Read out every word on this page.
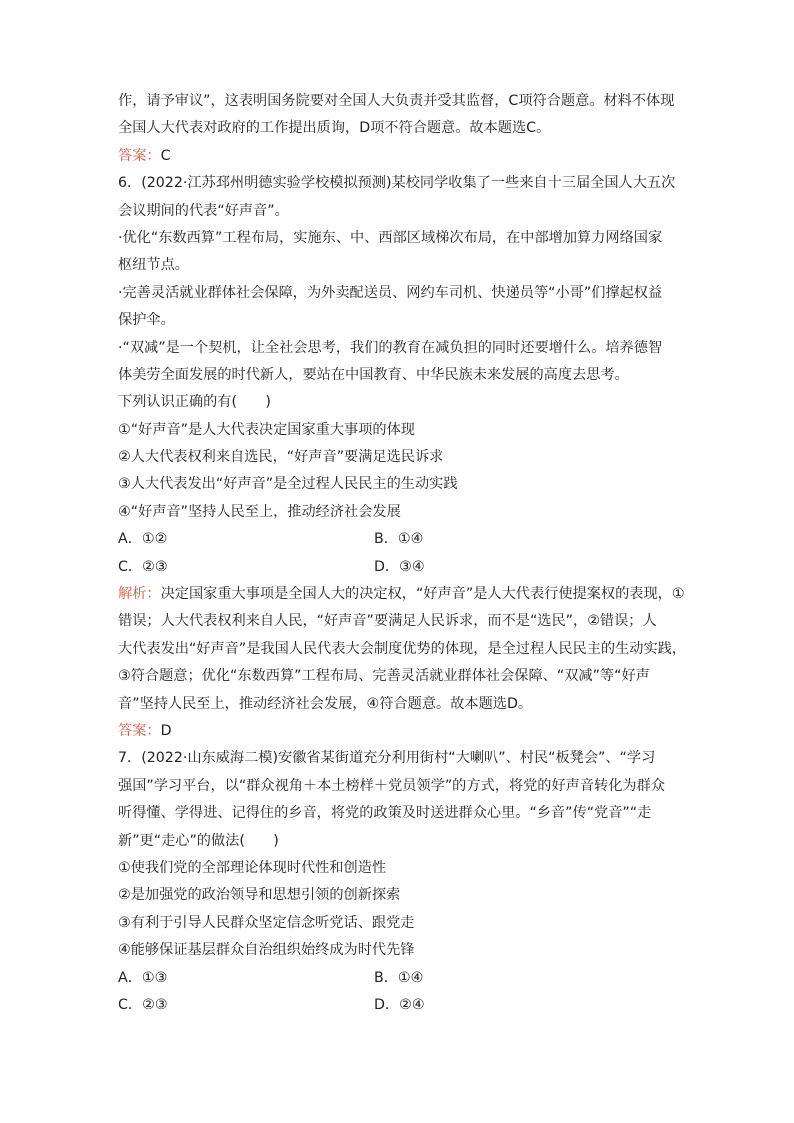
作，请予审议”，这表明国务院要对全国人大负责并受其监督，C项符合题意。材料不体现
全国人大代表对政府的工作提出质询，D项不符合题意。故本题选C。
答案：C
6．(2022·江苏邳州明德实验学校模拟预测)某校同学收集了一些来自十三届全国人大五次
会议期间的代表“好声音”。
·优化“东数西算”工程布局，实施东、中、西部区域梯次布局，在中部增加算力网络国家
枢纽节点。
·完善灵活就业群体社会保障，为外卖配送员、网约车司机、快递员等“小哥”们撑起权益
保护伞。
·“双减”是一个契机，让全社会思考，我们的教育在减负担的同时还要增什么。培养德智
体美劳全面发展的时代新人，要站在中国教育、中华民族未来发展的高度去思考。
下列认识正确的有(　　)
①“好声音”是人大代表决定国家重大事项的体现
②人大代表权利来自选民，“好声音”要满足选民诉求
③人大代表发出“好声音”是全过程人民民主的生动实践
④“好声音”坚持人民至上，推动经济社会发展
A．①②	B．①④
C．②③	D．③④
解析：决定国家重大事项是全国人大的决定权，“好声音”是人大代表行使提案权的表现，①
错误；人大代表权利来自人民，“好声音”要满足人民诉求，而不是“选民”，②错误；人
大代表发出“好声音”是我国人民代表大会制度优势的体现，是全过程人民民主的生动实践，
③符合题意；优化“东数西算”工程布局、完善灵活就业群体社会保障、“双减”等“好声
音”坚持人民至上，推动经济社会发展，④符合题意。故本题选D。
答案：D
7．(2022·山东威海二模)安徽省某街道充分利用街村“大喇叭”、村民“板凳会”、“学习
强国”学习平台，以“群众视角＋本土榜样＋党员领学”的方式，将党的好声音转化为群众
听得懂、学得进、记得住的乡音，将党的政策及时送进群众心里。“乡音”传“党音”“走
新”更“走心”的做法(　　)
①使我们党的全部理论体现时代性和创造性
②是加强党的政治领导和思想引领的创新探索
③有利于引导人民群众坚定信念听党话、跟党走
④能够保证基层群众自治组织始终成为时代先锋
A．①③	B．①④
C．②③	D．②④
